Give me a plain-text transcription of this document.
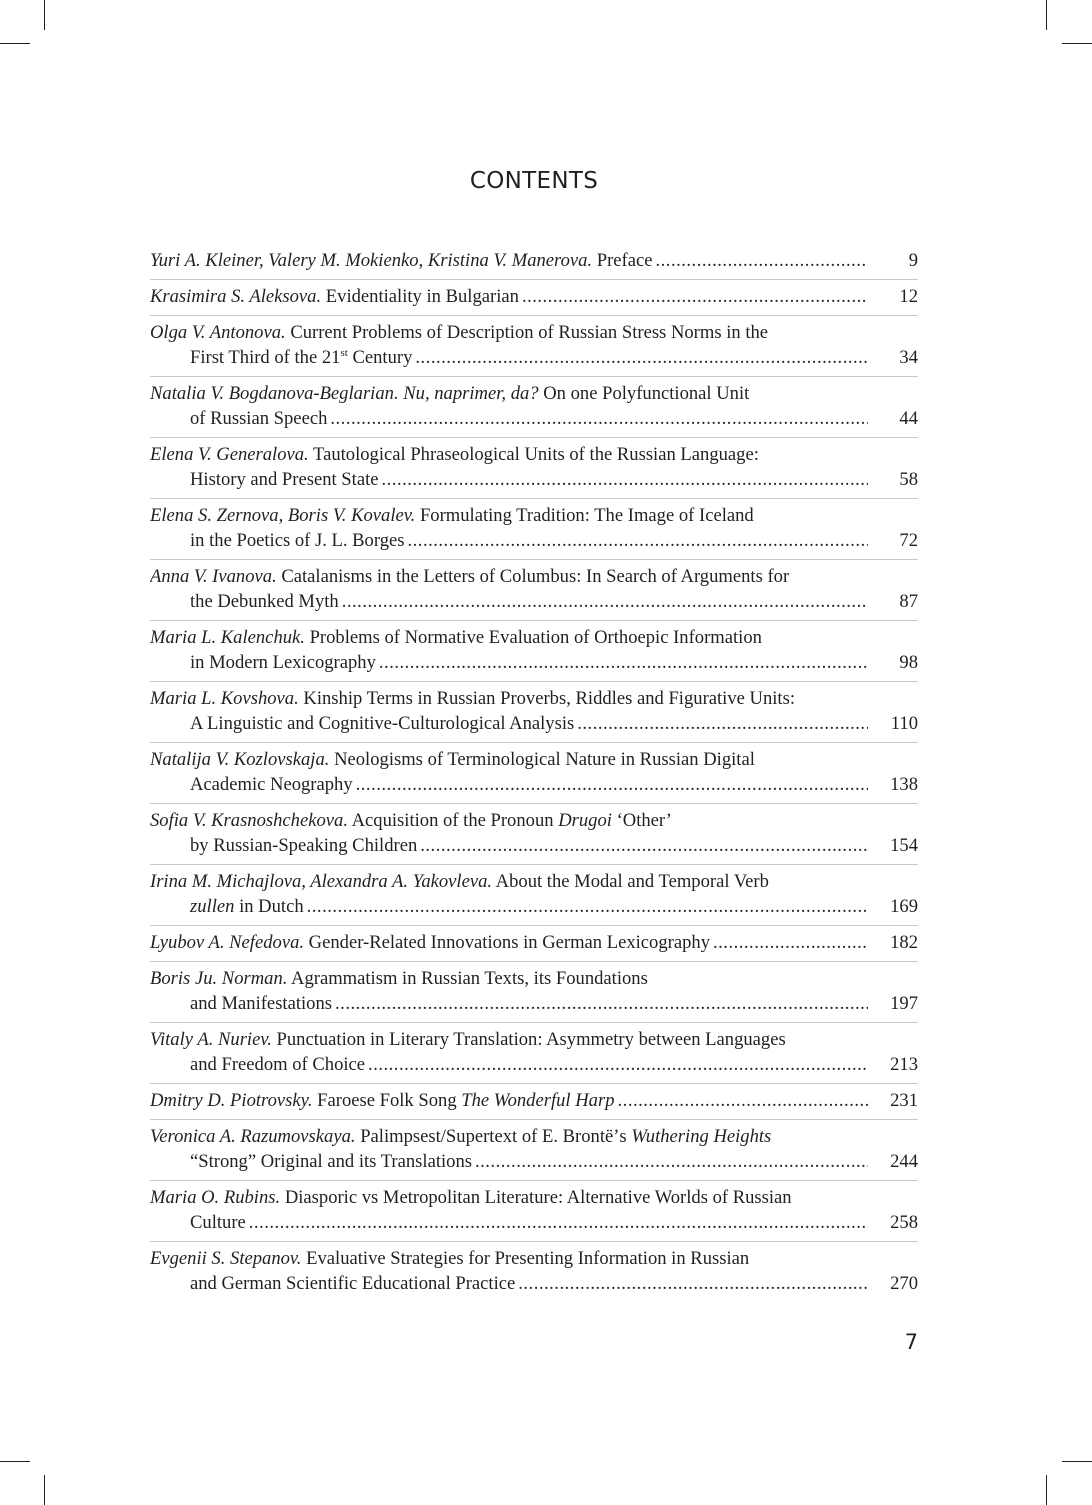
CONTENTS
Yuri A. Kleiner, Valery M. Mokienko, Kristina V. Manerova. Preface .....	9
Krasimira S. Aleksova. Evidentiality in Bulgarian .....	12
Olga V. Antonova. Current Problems of Description of Russian Stress Norms in the
First Third of the 21st Century .....	34
Natalia V. Bogdanova-Beglarian. Nu, naprimer, da? On one Polyfunctional Unit
of Russian Speech .....	44
Elena V. Generalova. Tautological Phraseological Units of the Russian Language:
History and Present State .....	58
Elena S. Zernova, Boris V. Kovalev. Formulating Tradition: The Image of Iceland
in the Poetics of J. L. Borges .....	72
Anna V. Ivanova. Catalanisms in the Letters of Columbus: In Search of Arguments for
the Debunked Myth .....	87
Maria L. Kalenchuk. Problems of Normative Evaluation of Orthoepic Information
in Modern Lexicography .....	98
Maria L. Kovshova. Kinship Terms in Russian Proverbs, Riddles and Figurative Units:
A Linguistic and Cognitive-Culturological Analysis .....	110
Natalija V. Kozlovskaja. Neologisms of Terminological Nature in Russian Digital
Academic Neography .....	138
Sofia V. Krasnoshchekova. Acquisition of the Pronoun Drugoi ‘Other’
by Russian-Speaking Children .....	154
Irina M. Michajlova, Alexandra A. Yakovleva. About the Modal and Temporal Verb
zullen in Dutch .....	169
Lyubov A. Nefedova. Gender-Related Innovations in German Lexicography .....	182
Boris Ju. Norman. Agrammatism in Russian Texts, its Foundations
and Manifestations .....	197
Vitaly A. Nuriev. Punctuation in Literary Translation: Asymmetry between Languages
and Freedom of Choice .....	213
Dmitry D. Piotrovsky. Faroese Folk Song The Wonderful Harp .....	231
Veronica A. Razumovskaya. Palimpsest/Supertext of E. Brontё’s Wuthering Heights
“Strong” Original and its Translations .....	244
Maria O. Rubins. Diasporic vs Metropolitan Literature: Alternative Worlds of Russian
Culture .....	258
Evgenii S. Stepanov. Evaluative Strategies for Presenting Information in Russian
and German Scientific Educational Practice .....	270
7
